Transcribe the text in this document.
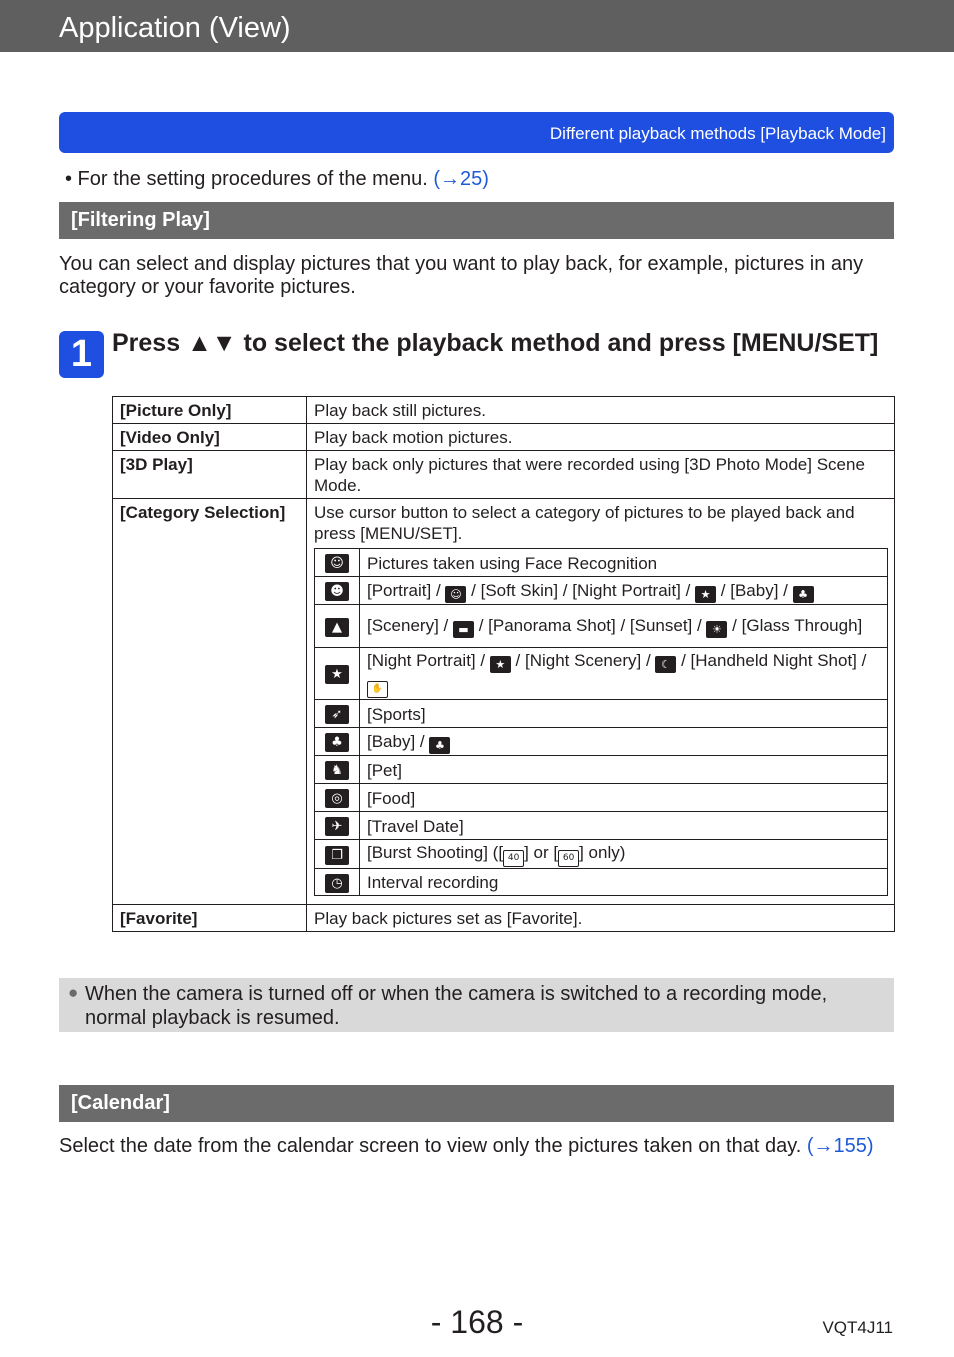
Application (View)
Different playback methods [Playback Mode]
• For the setting procedures of the menu. (→25)
[Filtering Play]
You can select and display pictures that you want to play back, for example, pictures in any category or your favorite pictures.
1 Press ▲▼ to select the playback method and press [MENU/SET]
[Picture Only]	Play back still pictures.
[Video Only]	Play back motion pictures.
[3D Play]	Play back only pictures that were recorded using [3D Photo Mode] Scene Mode.
[Category Selection]	Use cursor button to select a category of pictures to be played back and press [MENU/SET].
☺	Pictures taken using Face Recognition
☻	[Portrait] / ☺ / [Soft Skin] / [Night Portrait] / ★ / [Baby] / ♣
▲	[Scenery] / ▬ / [Panorama Shot] / [Sunset] / ☀ / [Glass Through]
★	[Night Portrait] / ★ / [Night Scenery] / ☾ / [Handheld Night Shot] / ✋
➶	[Sports]
♣	[Baby] / ♣
♞	[Pet]
◎	[Food]
✈	[Travel Date]
❐	[Burst Shooting] ([ 40 ] or [ 60 ] only)
◷	Interval recording

[Favorite]	Play back pictures set as [Favorite].
● When the camera is turned off or when the camera is switched to a recording mode, normal playback is resumed.
[Calendar]
Select the date from the calendar screen to view only the pictures taken on that day. (→155)
- 168 -	VQT4J11
